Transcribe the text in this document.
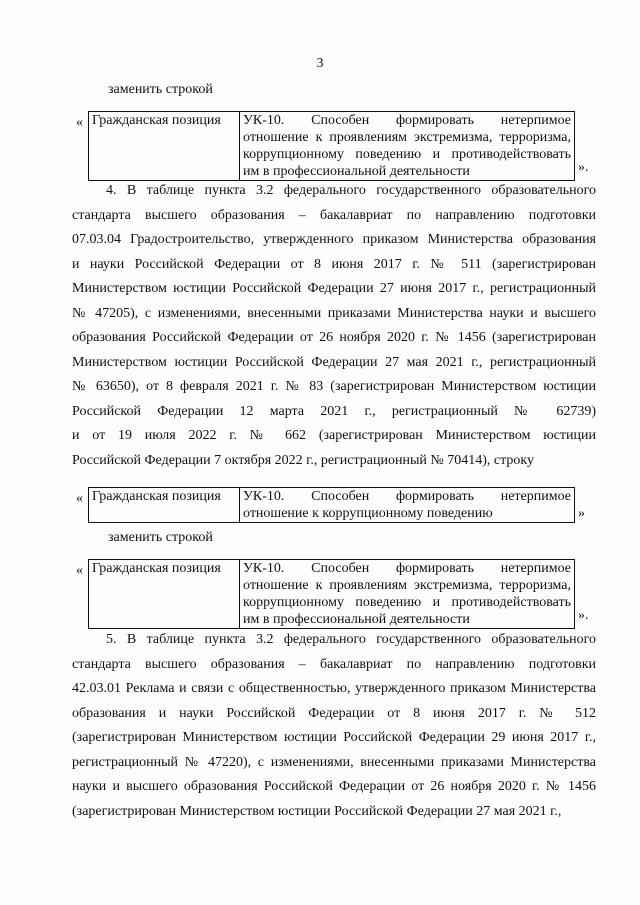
3
заменить строкой
« Гражданская позиция	УК-10. Способен формировать нетерпимое
отношение к проявлениям экстремизма, терроризма,
коррупционному поведению и противодействовать
им в профессиональной деятельности	».
4. В таблице пункта 3.2 федерального государственного образовательного
стандарта высшего образования – бакалавриат по направлению подготовки
07.03.04 Градостроительство, утвержденного приказом Министерства образования
и науки Российской Федерации от 8 июня 2017 г. № 511 (зарегистрирован
Министерством юстиции Российской Федерации 27 июня 2017 г., регистрационный
№ 47205), с изменениями, внесенными приказами Министерства науки и высшего
образования Российской Федерации от 26 ноября 2020 г. № 1456 (зарегистрирован
Министерством юстиции Российской Федерации 27 мая 2021 г., регистрационный
№ 63650), от 8 февраля 2021 г. № 83 (зарегистрирован Министерством юстиции
Российской Федерации 12 марта 2021 г., регистрационный № 62739)
и от 19 июля 2022 г. № 662 (зарегистрирован Министерством юстиции
Российской Федерации 7 октября 2022 г., регистрационный № 70414), строку
« Гражданская позиция	УК-10. Способен формировать нетерпимое
отношение к коррупционному поведению	»
заменить строкой
« Гражданская позиция	УК-10. Способен формировать нетерпимое
отношение к проявлениям экстремизма, терроризма,
коррупционному поведению и противодействовать
им в профессиональной деятельности	».
5. В таблице пункта 3.2 федерального государственного образовательного
стандарта высшего образования – бакалавриат по направлению подготовки
42.03.01 Реклама и связи с общественностью, утвержденного приказом Министерства
образования и науки Российской Федерации от 8 июня 2017 г. № 512
(зарегистрирован Министерством юстиции Российской Федерации 29 июня 2017 г.,
регистрационный № 47220), с изменениями, внесенными приказами Министерства
науки и высшего образования Российской Федерации от 26 ноября 2020 г. № 1456
(зарегистрирован Министерством юстиции Российской Федерации 27 мая 2021 г.,
